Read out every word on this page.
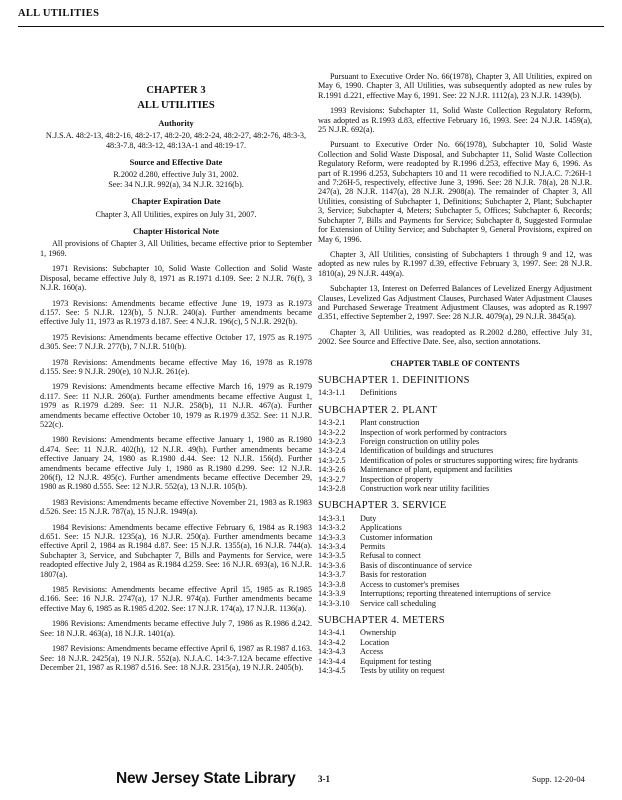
ALL UTILITIES
CHAPTER 3
ALL UTILITIES
Authority
N.J.S.A. 48:2-13, 48:2-16, 48:2-17, 48:2-20, 48:2-24, 48:2-27, 48:2-76, 48:3-3, 48:3-7.8, 48:3-12, 48:13A-1 and 48:19-17.
Source and Effective Date
R.2002 d.280, effective July 31, 2002.
See: 34 N.J.R. 992(a), 34 N.J.R. 3216(b).
Chapter Expiration Date
Chapter 3, All Utilities, expires on July 31, 2007.
Chapter Historical Note

All provisions of Chapter 3, All Utilities, became effective prior to September 1, 1969.

1971 Revisions: Subchapter 10, Solid Waste Collection and Solid Waste Disposal, became effective July 8, 1971 as R.1971 d.109. See: 2 N.J.R. 76(f), 3 N.J.R. 160(a).

1973 Revisions: Amendments became effective June 19, 1973 as R.1973 d.157. See: 5 N.J.R. 123(b), 5 N.J.R. 240(a). Further amendments became effective July 11, 1973 as R.1973 d.187. See: 4 N.J.R. 196(c), 5 N.J.R. 292(b).

1975 Revisions: Amendments became effective October 17, 1975 as R.1975 d.305. See: 7 N.J.R. 277(b), 7 N.J.R. 510(b).

1978 Revisions: Amendments became effective May 16, 1978 as R.1978 d.155. See: 9 N.J.R. 290(e), 10 N.J.R. 261(e).

1979 Revisions: Amendments became effective March 16, 1979 as R.1979 d.117. See: 11 N.J.R. 260(a). Further amendments became effective August 1, 1979 as R.1979 d.289. See: 11 N.J.R. 258(b), 11 N.J.R. 467(a). Further amendments became effective October 10, 1979 as R.1979 d.352. See: 11 N.J.R. 522(c).

1980 Revisions: Amendments became effective January 1, 1980 as R.1980 d.474. See: 11 N.J.R. 402(h), 12 N.J.R. 49(h). Further amendments became effective January 24, 1980 as R.1980 d.44. See: 12 N.J.R. 156(d). Further amendments became effective July 1, 1980 as R.1980 d.299. See: 12 N.J.R. 206(f), 12 N.J.R. 495(c). Further amendments became effective December 29, 1980 as R.1980 d.555. See: 12 N.J.R. 552(a), 13 N.J.R. 105(b).

1983 Revisions: Amendments became effective November 21, 1983 as R.1983 d.526. See: 15 N.J.R. 787(a), 15 N.J.R. 1949(a).

1984 Revisions: Amendments became effective February 6, 1984 as R.1983 d.651. See: 15 N.J.R. 1235(a), 16 N.J.R. 250(a). Further amendments became effective April 2, 1984 as R.1984 d.87. See: 15 N.J.R. 1355(a), 16 N.J.R. 744(a). Subchapter 3, Service, and Subchapter 7, Bills and Payments for Service, were readopted effective July 2, 1984 as R.1984 d.259. See: 16 N.J.R. 693(a), 16 N.J.R. 1807(a).

1985 Revisions: Amendments became effective April 15, 1985 as R.1985 d.166. See: 16 N.J.R. 2747(a), 17 N.J.R. 974(a). Further amendments became effective May 6, 1985 as R.1985 d.202. See: 17 N.J.R. 174(a), 17 N.J.R. 1136(a).

1986 Revisions: Amendments became effective July 7, 1986 as R.1986 d.242. See: 18 N.J.R. 463(a), 18 N.J.R. 1401(a).

1987 Revisions: Amendments became effective April 6, 1987 as R.1987 d.163. See: 18 N.J.R. 2425(a), 19 N.J.R. 552(a). N.J.A.C. 14:3-7.12A became effective December 21, 1987 as R.1987 d.516. See: 18 N.J.R. 2315(a), 19 N.J.R. 2405(b).

Pursuant to Executive Order No. 66(1978), Chapter 3, All Utilities, expired on May 6, 1990. Chapter 3, All Utilities, was subsequently adopted as new rules by R.1991 d.221, effective May 6, 1991. See: 22 N.J.R. 1112(a), 23 N.J.R. 1439(b).

1993 Revisions: Subchapter 11, Solid Waste Collection Regulatory Reform, was adopted as R.1993 d.83, effective February 16, 1993. See: 24 N.J.R. 1459(a), 25 N.J.R. 692(a).

Pursuant to Executive Order No. 66(1978), Subchapter 10, Solid Waste Collection and Solid Waste Disposal, and Subchapter 11, Solid Waste Collection Regulatory Reform, were readopted by R.1996 d.253, effective May 6, 1996. As part of R.1996 d.253, Subchapters 10 and 11 were recodified to N.J.A.C. 7:26H-1 and 7:26H-5, respectively, effective June 3, 1996. See: 28 N.J.R. 78(a), 28 N.J.R. 247(a), 28 N.J.R. 1147(a), 28 N.J.R. 2908(a). The remainder of Chapter 3, All Utilities, consisting of Subchapter 1, Definitions; Subchapter 2, Plant; Subchapter 3, Service; Subchapter 4, Meters; Subchapter 5, Offices; Subchapter 6, Records; Subchapter 7, Bills and Payments for Service; Subchapter 8, Suggested Formulae for Extension of Utility Service; and Subchapter 9, General Provisions, expired on May 6, 1996.

Chapter 3, All Utilities, consisting of Subchapters 1 through 9 and 12, was adopted as new rules by R.1997 d.39, effective February 3, 1997. See: 28 N.J.R. 1810(a), 29 N.J.R. 449(a).

Subchapter 13, Interest on Deferred Balances of Levelized Energy Adjustment Clauses, Levelized Gas Adjustment Clauses, Purchased Water Adjustment Clauses and Purchased Sewerage Treatment Adjustment Clauses, was adopted as R.1997 d.351, effective September 2, 1997. See: 28 N.J.R. 4079(a), 29 N.J.R. 3845(a).

Chapter 3, All Utilities, was readopted as R.2002 d.280, effective July 31, 2002. See Source and Effective Date. See, also, section annotations.

CHAPTER TABLE OF CONTENTS
SUBCHAPTER 1. DEFINITIONS
14:3-1.1	Definitions
SUBCHAPTER 2. PLANT
14:3-2.1	Plant construction
14:3-2.2	Inspection of work performed by contractors
14:3-2.3	Foreign construction on utility poles
14:3-2.4	Identification of buildings and structures
14:3-2.5	Identification of poles or structures supporting wires; fire hydrants
14:3-2.6	Maintenance of plant, equipment and facilities
14:3-2.7	Inspection of property
14:3-2.8	Construction work near utility facilities
SUBCHAPTER 3. SERVICE
14:3-3.1	Duty
14:3-3.2	Applications
14:3-3.3	Customer information
14:3-3.4	Permits
14:3-3.5	Refusal to connect
14:3-3.6	Basis of discontinuance of service
14:3-3.7	Basis for restoration
14:3-3.8	Access to customer's premises
14:3-3.9	Interruptions; reporting threatened interruptions of service
14:3-3.10	Service call scheduling
SUBCHAPTER 4. METERS
14:3-4.1	Ownership
14:3-4.2	Location
14:3-4.3	Access
14:3-4.4	Equipment for testing
14:3-4.5	Tests by utility on request
New Jersey State Library 3-1	Supp. 12-20-04
